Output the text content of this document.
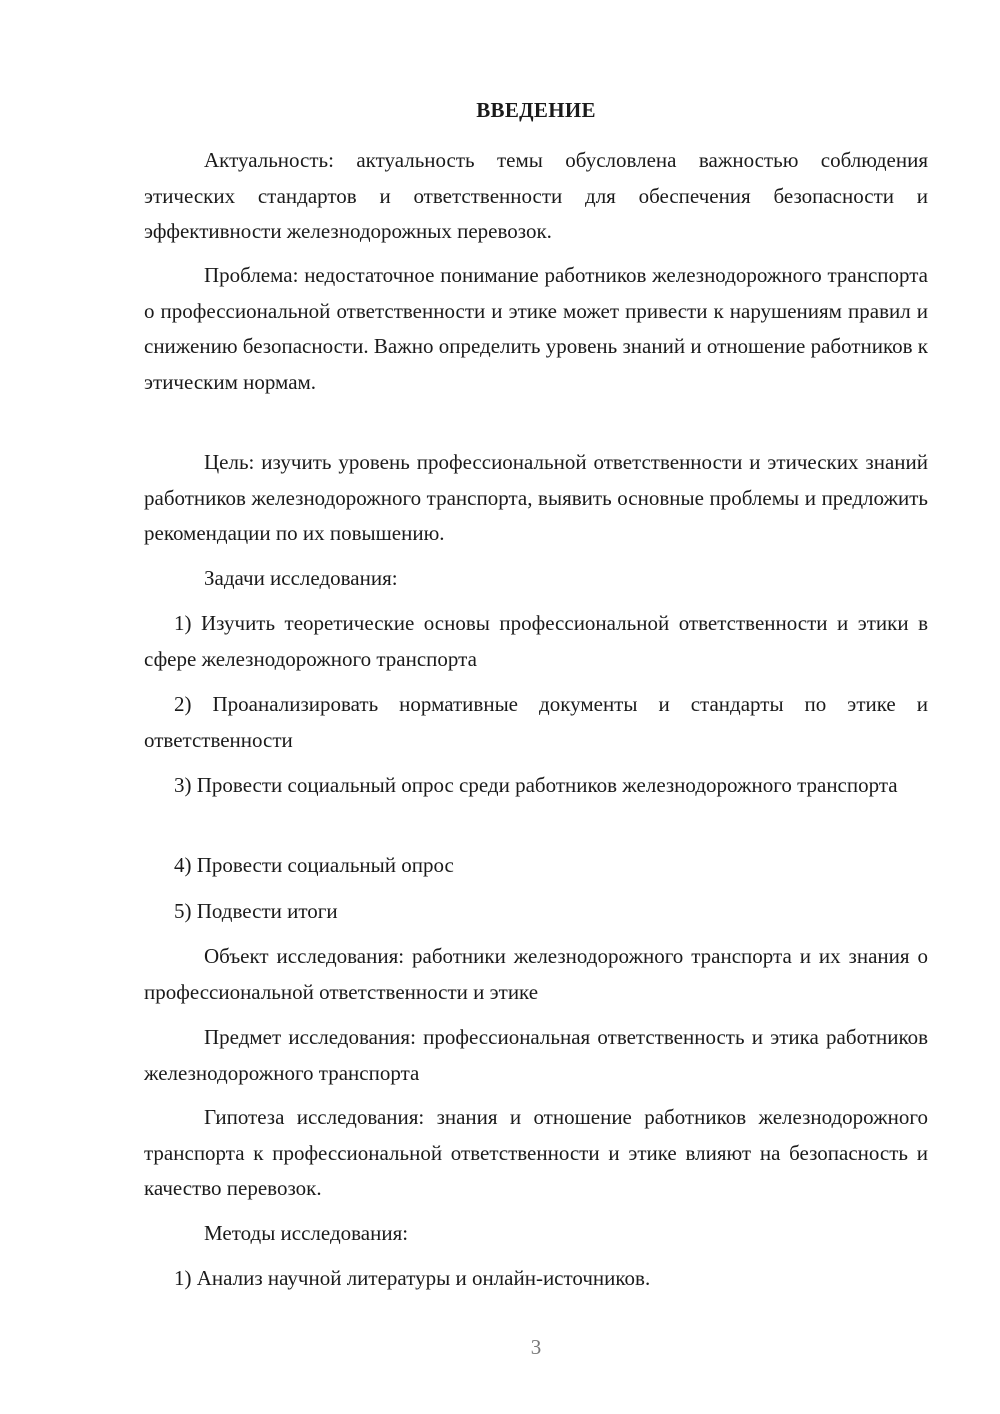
ВВЕДЕНИЕ

Актуальность: актуальность темы обусловлена важностью соблюдения этических стандартов и ответственности для обеспечения безопасности и эффективности железнодорожных перевозок.

Проблема: недостаточное понимание работников железнодорожного транспорта о профессиональной ответственности и этике может привести к нарушениям правил и снижению безопасности. Важно определить уровень знаний и отношение работников к этическим нормам.

Цель: изучить уровень профессиональной ответственности и этических знаний работников железнодорожного транспорта, выявить основные проблемы и предложить рекомендации по их повышению.

Задачи исследования:

1) Изучить теоретические основы профессиональной ответственности и этики в сфере железнодорожного транспорта

2) Проанализировать нормативные документы и стандарты по этике и ответственности

3) Провести социальный опрос среди работников железнодорожного транспорта

4) Провести социальный опрос

5) Подвести итоги

Объект исследования: работники железнодорожного транспорта и их знания о профессиональной ответственности и этике

Предмет исследования: профессиональная ответственность и этика работников железнодорожного транспорта

Гипотеза исследования: знания и отношение работников железнодорожного транспорта к профессиональной ответственности и этике влияют на безопасность и качество перевозок.

Методы исследования:

1) Анализ научной литературы и онлайн-источников.

3
